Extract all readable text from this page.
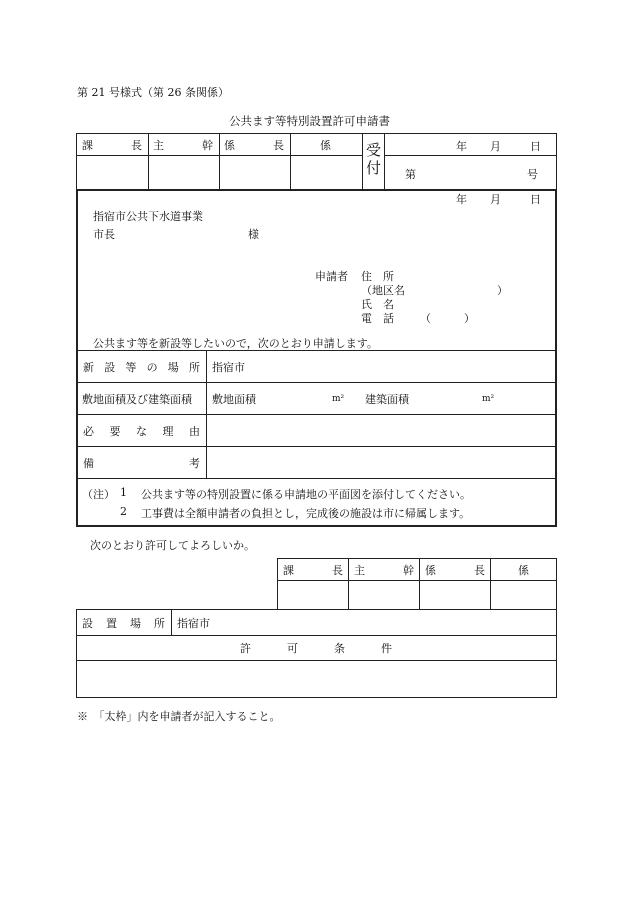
第 21 号様式（第 26 条関係）
公共ます等特別設置許可申請書
課	長 主	幹 係	長	係 受
付
年 月	日
第	号
年 月	日
指宿市公共下水道事業
市長	様
申請者 住　所
（地区名	）
氏　名
電　話 （　　　）
公共ます等を新設等したいので，次のとおり申請します。
新 設 等 の 場 所 指宿市
敷地面積及び建築面積 敷地面積	m² 建築面積	m²
必 要 な 理 由
備	考
（注） 1 公共ます等の特別設置に係る申請地の平面図を添付してください。
2 工事費は全額申請者の負担とし，完成後の施設は市に帰属します。
次のとおり許可してよろしいか。
課	長 主	幹 係	長	係
設 置 場 所 指宿市
許	可	条	件
※　「太枠」内を申請者が記入すること。
